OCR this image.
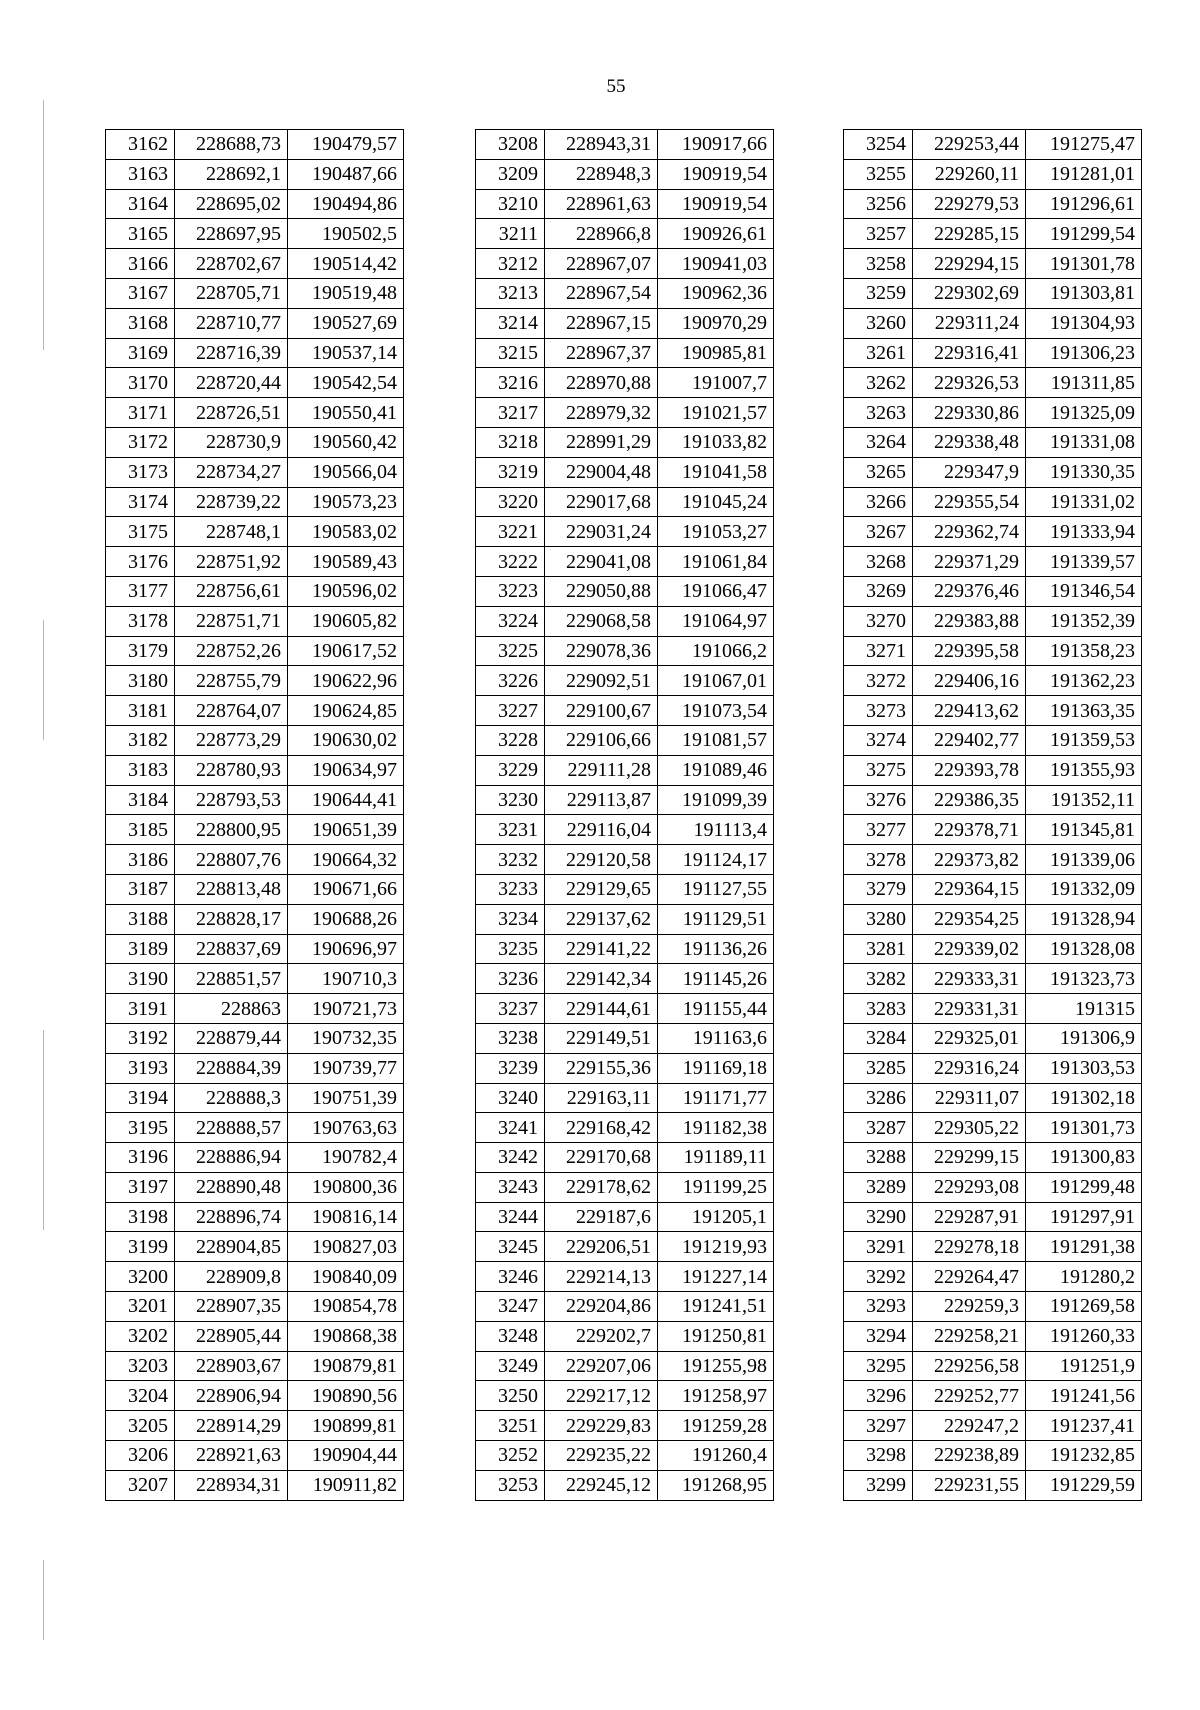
55
3162	228688,73	190479,57
3163	228692,1	190487,66
3164	228695,02	190494,86
3165	228697,95	190502,5
3166	228702,67	190514,42
3167	228705,71	190519,48
3168	228710,77	190527,69
3169	228716,39	190537,14
3170	228720,44	190542,54
3171	228726,51	190550,41
3172	228730,9	190560,42
3173	228734,27	190566,04
3174	228739,22	190573,23
3175	228748,1	190583,02
3176	228751,92	190589,43
3177	228756,61	190596,02
3178	228751,71	190605,82
3179	228752,26	190617,52
3180	228755,79	190622,96
3181	228764,07	190624,85
3182	228773,29	190630,02
3183	228780,93	190634,97
3184	228793,53	190644,41
3185	228800,95	190651,39
3186	228807,76	190664,32
3187	228813,48	190671,66
3188	228828,17	190688,26
3189	228837,69	190696,97
3190	228851,57	190710,3
3191	228863	190721,73
3192	228879,44	190732,35
3193	228884,39	190739,77
3194	228888,3	190751,39
3195	228888,57	190763,63
3196	228886,94	190782,4
3197	228890,48	190800,36
3198	228896,74	190816,14
3199	228904,85	190827,03
3200	228909,8	190840,09
3201	228907,35	190854,78
3202	228905,44	190868,38
3203	228903,67	190879,81
3204	228906,94	190890,56
3205	228914,29	190899,81
3206	228921,63	190904,44
3207	228934,31	190911,82
3208	228943,31	190917,66
3209	228948,3	190919,54
3210	228961,63	190919,54
3211	228966,8	190926,61
3212	228967,07	190941,03
3213	228967,54	190962,36
3214	228967,15	190970,29
3215	228967,37	190985,81
3216	228970,88	191007,7
3217	228979,32	191021,57
3218	228991,29	191033,82
3219	229004,48	191041,58
3220	229017,68	191045,24
3221	229031,24	191053,27
3222	229041,08	191061,84
3223	229050,88	191066,47
3224	229068,58	191064,97
3225	229078,36	191066,2
3226	229092,51	191067,01
3227	229100,67	191073,54
3228	229106,66	191081,57
3229	229111,28	191089,46
3230	229113,87	191099,39
3231	229116,04	191113,4
3232	229120,58	191124,17
3233	229129,65	191127,55
3234	229137,62	191129,51
3235	229141,22	191136,26
3236	229142,34	191145,26
3237	229144,61	191155,44
3238	229149,51	191163,6
3239	229155,36	191169,18
3240	229163,11	191171,77
3241	229168,42	191182,38
3242	229170,68	191189,11
3243	229178,62	191199,25
3244	229187,6	191205,1
3245	229206,51	191219,93
3246	229214,13	191227,14
3247	229204,86	191241,51
3248	229202,7	191250,81
3249	229207,06	191255,98
3250	229217,12	191258,97
3251	229229,83	191259,28
3252	229235,22	191260,4
3253	229245,12	191268,95
3254	229253,44	191275,47
3255	229260,11	191281,01
3256	229279,53	191296,61
3257	229285,15	191299,54
3258	229294,15	191301,78
3259	229302,69	191303,81
3260	229311,24	191304,93
3261	229316,41	191306,23
3262	229326,53	191311,85
3263	229330,86	191325,09
3264	229338,48	191331,08
3265	229347,9	191330,35
3266	229355,54	191331,02
3267	229362,74	191333,94
3268	229371,29	191339,57
3269	229376,46	191346,54
3270	229383,88	191352,39
3271	229395,58	191358,23
3272	229406,16	191362,23
3273	229413,62	191363,35
3274	229402,77	191359,53
3275	229393,78	191355,93
3276	229386,35	191352,11
3277	229378,71	191345,81
3278	229373,82	191339,06
3279	229364,15	191332,09
3280	229354,25	191328,94
3281	229339,02	191328,08
3282	229333,31	191323,73
3283	229331,31	191315
3284	229325,01	191306,9
3285	229316,24	191303,53
3286	229311,07	191302,18
3287	229305,22	191301,73
3288	229299,15	191300,83
3289	229293,08	191299,48
3290	229287,91	191297,91
3291	229278,18	191291,38
3292	229264,47	191280,2
3293	229259,3	191269,58
3294	229258,21	191260,33
3295	229256,58	191251,9
3296	229252,77	191241,56
3297	229247,2	191237,41
3298	229238,89	191232,85
3299	229231,55	191229,59
